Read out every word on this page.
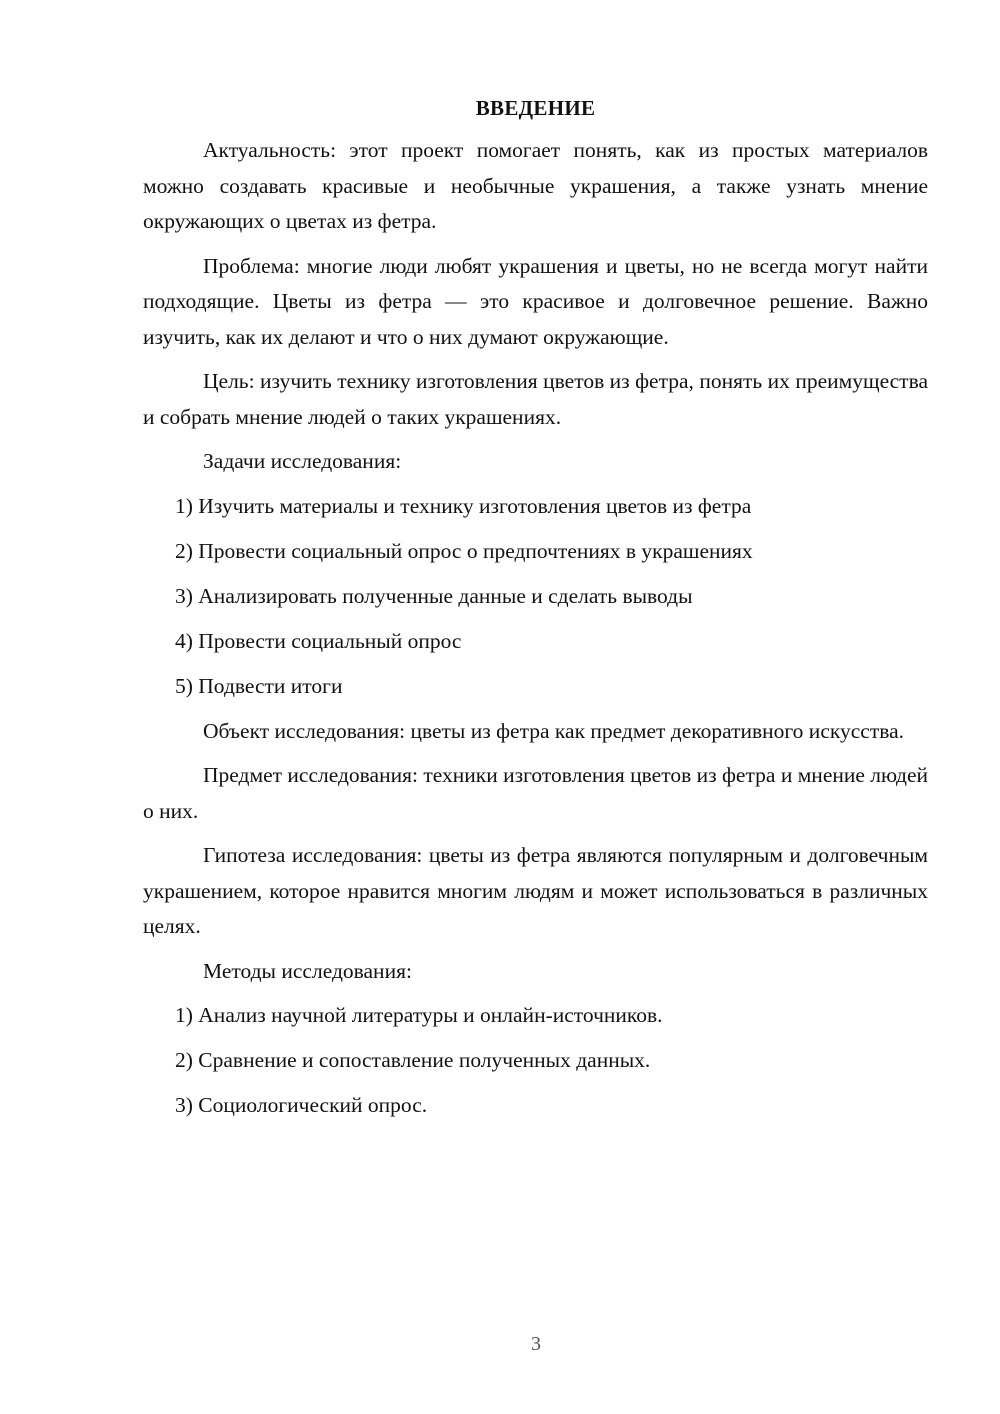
ВВЕДЕНИЕ

Актуальность: этот проект помогает понять, как из простых материалов можно создавать красивые и необычные украшения, а также узнать мнение окружающих о цветах из фетра.

Проблема: многие люди любят украшения и цветы, но не всегда могут найти подходящие. Цветы из фетра — это красивое и долговечное решение. Важно изучить, как их делают и что о них думают окружающие.

Цель: изучить технику изготовления цветов из фетра, понять их преимущества и собрать мнение людей о таких украшениях.

Задачи исследования:

1) Изучить материалы и технику изготовления цветов из фетра
2) Провести социальный опрос о предпочтениях в украшениях
3) Анализировать полученные данные и сделать выводы
4) Провести социальный опрос
5) Подвести итоги

Объект исследования: цветы из фетра как предмет декоративного искусства.

Предмет исследования: техники изготовления цветов из фетра и мнение людей о них.

Гипотеза исследования: цветы из фетра являются популярным и долговечным украшением, которое нравится многим людям и может использоваться в различных целях.

Методы исследования:

1) Анализ научной литературы и онлайн-источников.
2) Сравнение и сопоставление полученных данных.
3) Социологический опрос.
3
